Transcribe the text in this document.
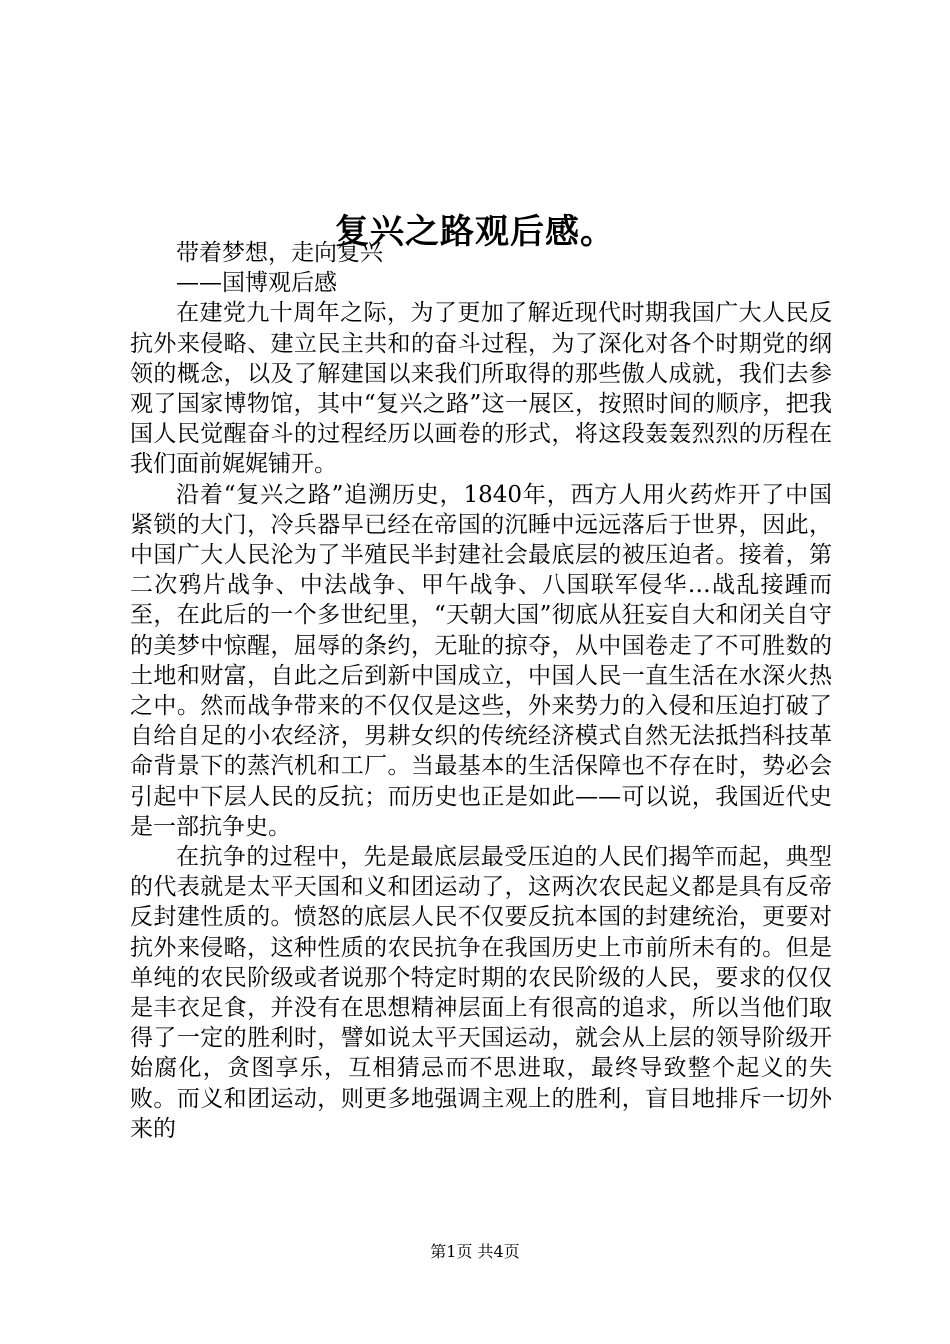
复兴之路观后感。

带着梦想，走向复兴

——国博观后感

在建党九十周年之际，为了更加了解近现代时期我国广大人民反抗外来侵略、建立民主共和的奋斗过程，为了深化对各个时期党的纲领的概念，以及了解建国以来我们所取得的那些傲人成就，我们去参观了国家博物馆，其中“复兴之路”这一展区，按照时间的顺序，把我国人民觉醒奋斗的过程经历以画卷的形式，将这段轰轰烈烈的历程在我们面前娓娓铺开。

沿着“复兴之路”追溯历史，1840年，西方人用火药炸开了中国紧锁的大门，冷兵器早已经在帝国的沉睡中远远落后于世界，因此，中国广大人民沦为了半殖民半封建社会最底层的被压迫者。接着，第二次鸦片战争、中法战争、甲午战争、八国联军侵华…战乱接踵而至，在此后的一个多世纪里，“天朝大国”彻底从狂妄自大和闭关自守的美梦中惊醒，屈辱的条约，无耻的掠夺，从中国卷走了不可胜数的土地和财富，自此之后到新中国成立，中国人民一直生活在水深火热之中。然而战争带来的不仅仅是这些，外来势力的入侵和压迫打破了自给自足的小农经济，男耕女织的传统经济模式自然无法抵挡科技革命背景下的蒸汽机和工厂。当最基本的生活保障也不存在时，势必会引起中下层人民的反抗；而历史也正是如此——可以说，我国近代史是一部抗争史。

在抗争的过程中，先是最底层最受压迫的人民们揭竿而起，典型的代表就是太平天国和义和团运动了，这两次农民起义都是具有反帝反封建性质的。愤怒的底层人民不仅要反抗本国的封建统治，更要对抗外来侵略，这种性质的农民抗争在我国历史上市前所未有的。但是单纯的农民阶级或者说那个特定时期的农民阶级的人民，要求的仅仅是丰衣足食，并没有在思想精神层面上有很高的追求，所以当他们取得了一定的胜利时，譬如说太平天国运动，就会从上层的领导阶级开始腐化，贪图享乐，互相猜忌而不思进取，最终导致整个起义的失败。而义和团运动，则更多地强调主观上的胜利，盲目地排斥一切外来的

第1页 共4页
